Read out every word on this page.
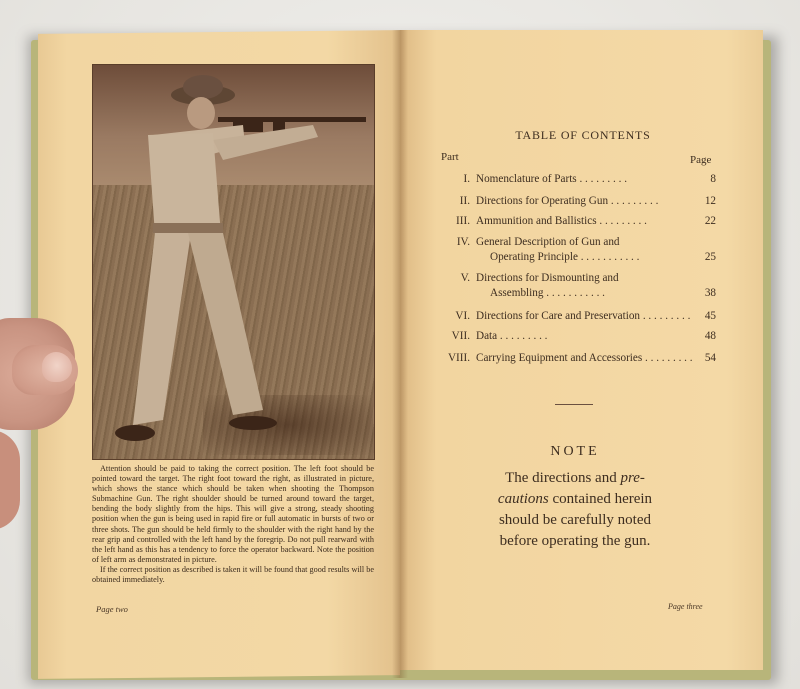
Attention should be paid to taking the correct position. The left foot should be pointed toward the target. The right foot toward the right, as illustrated in picture, which shows the stance which should be taken when shooting the Thompson Submachine Gun. The right shoulder should be turned around toward the target, bending the body slightly from the hips. This will give a strong, steady shooting position when the gun is being used in rapid fire or full automatic in bursts of two or three shots. The gun should be held firmly to the shoulder with the right hand by the rear grip and controlled with the left hand by the foregrip. Do not pull rearward with the left hand as this has a tendency to force the operator backward. Note the position of left arm as demonstrated in picture.

If the correct position as described is taken it will be found that good results will be obtained immediately.

Page two
TABLE OF CONTENTS
Part	Page
I. Nomenclature of Parts . . . . . . . . .	8
II. Directions for Operating Gun . . . . . . . . .	12
III. Ammunition and Ballistics . . . . . . . . .	22
IV. General Description of Gun and
Operating Principle . . . . . . . . . . .	25
V. Directions for Dismounting and
Assembling . . . . . . . . . . .	38
VI. Directions for Care and Preservation . . . . . . . . .	45
VII. Data . . . . . . . . .	48
VIII. Carrying Equipment and Accessories . . . . . . . . .	54
NOTE
The directions and pre-
cautions contained herein
should be carefully noted
before operating the gun.
Page three
